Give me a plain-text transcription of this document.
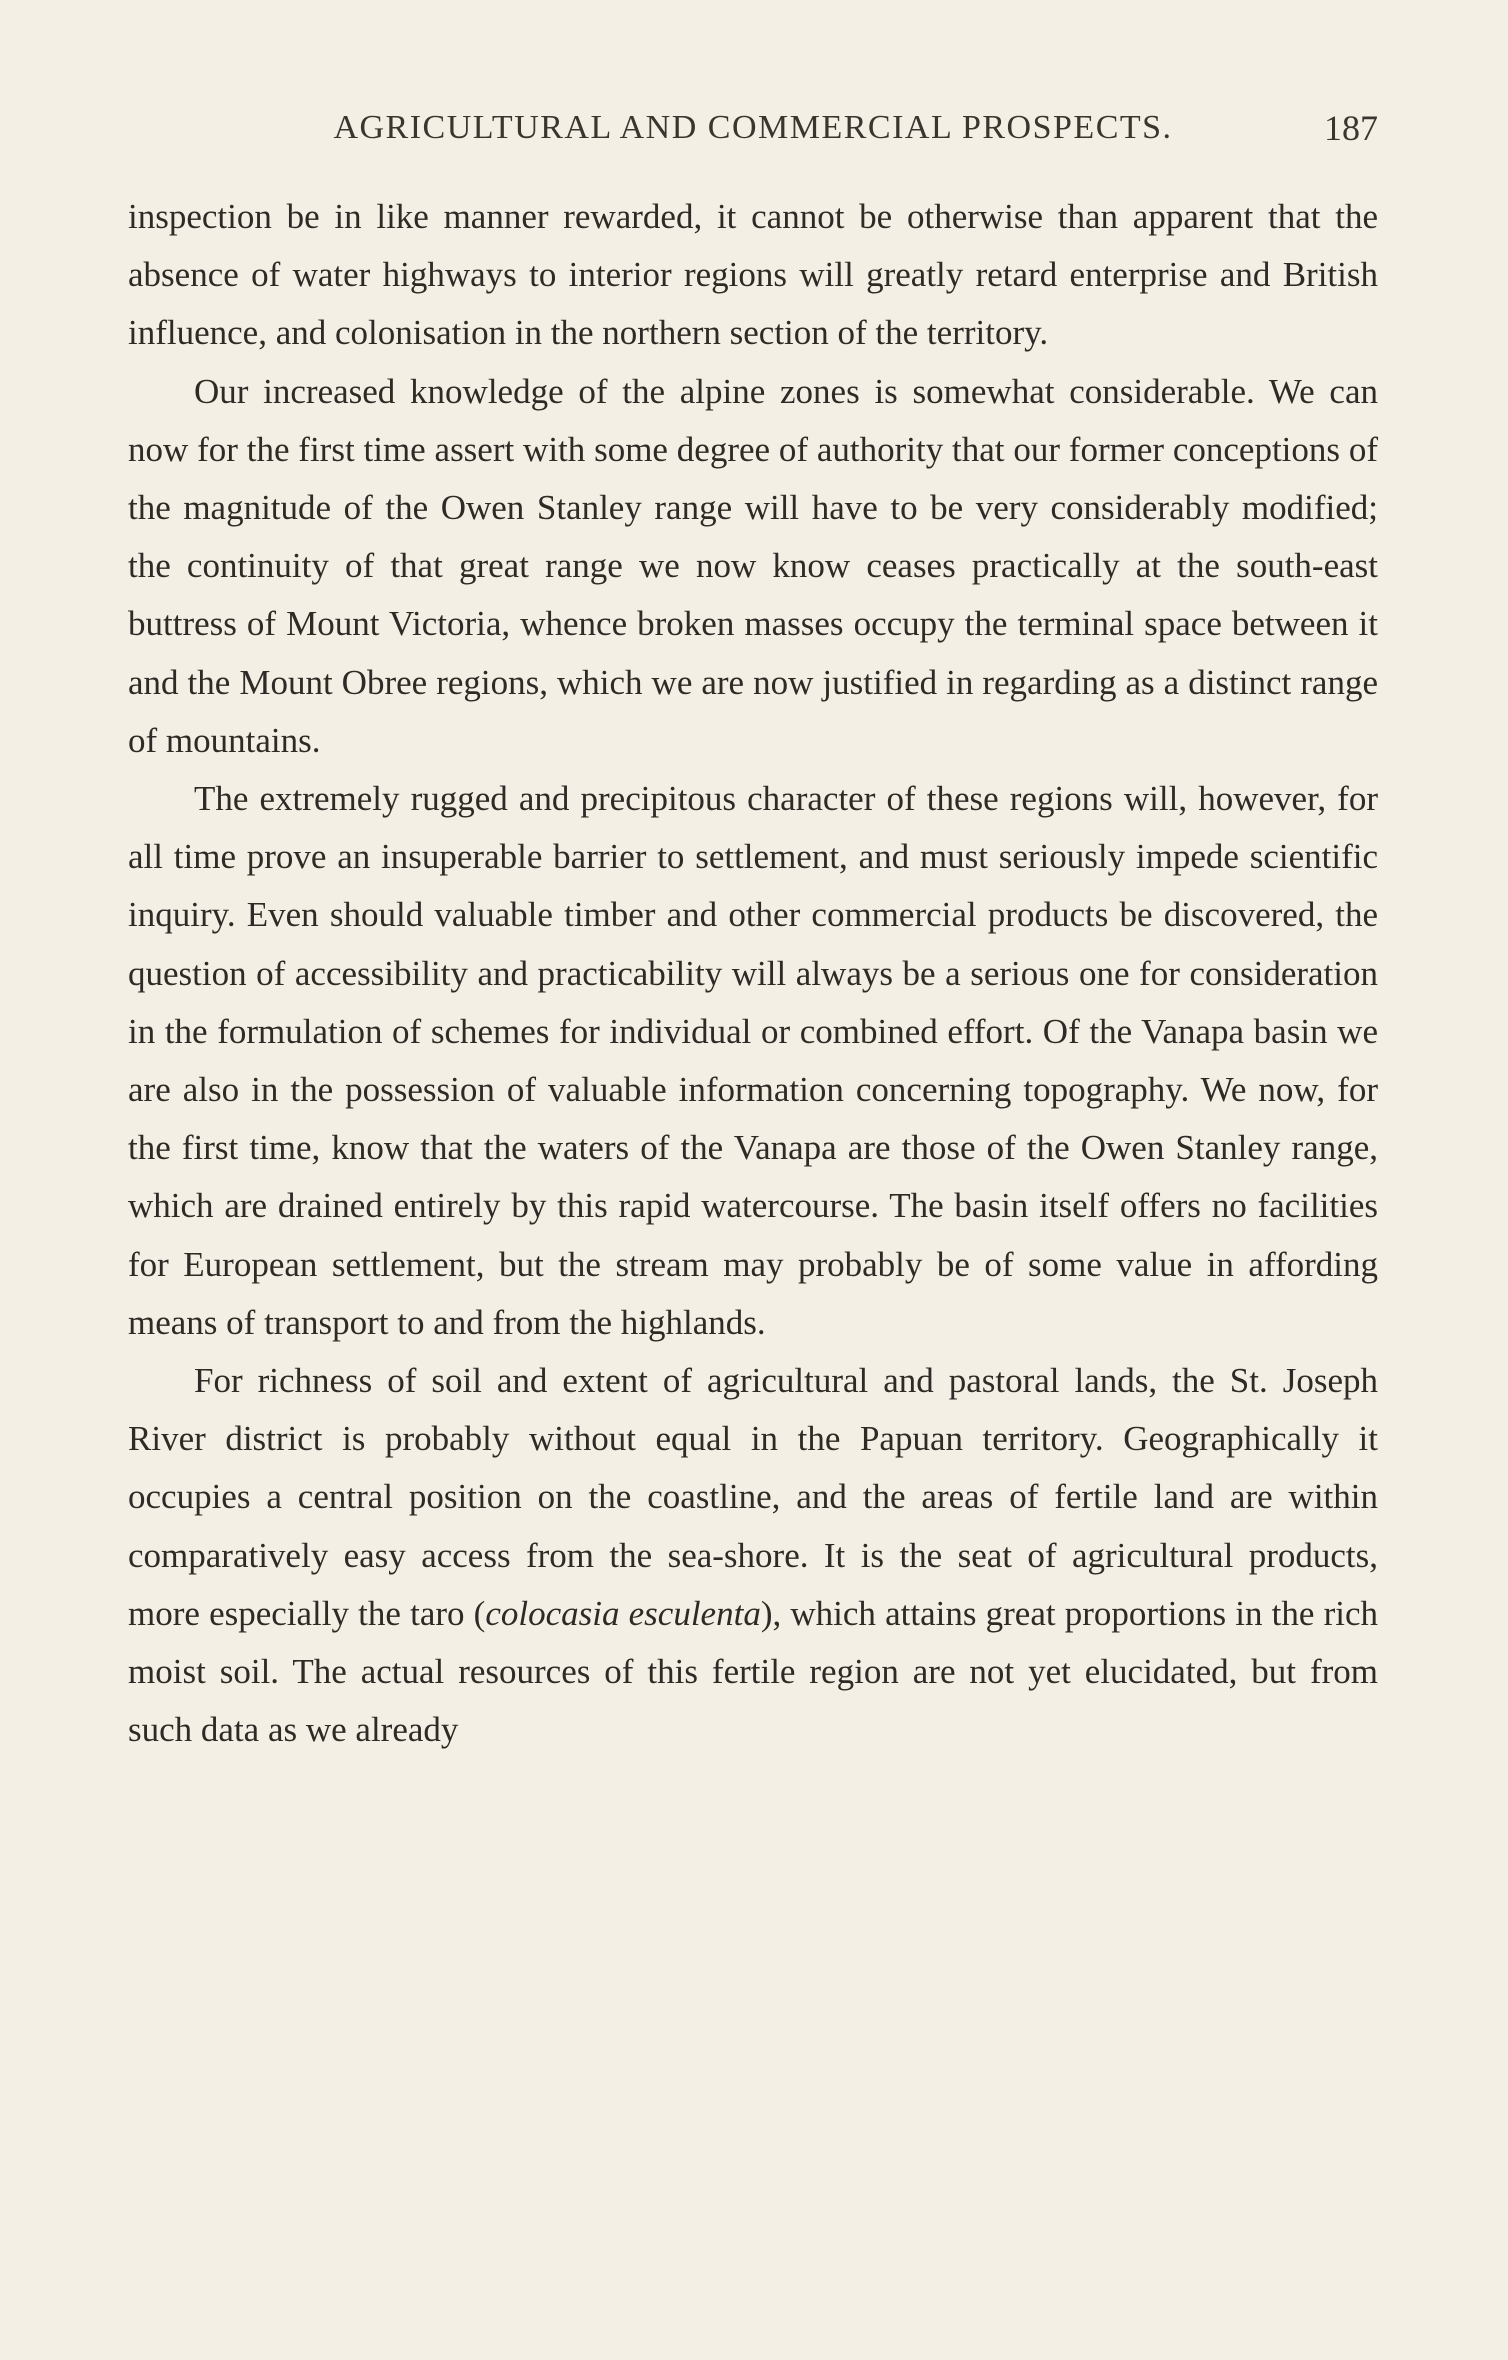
AGRICULTURAL AND COMMERCIAL PROSPECTS.	187

inspection be in like manner rewarded, it cannot be otherwise than apparent that the absence of water highways to interior regions will greatly retard enterprise and British influence, and colonisation in the northern section of the territory.

Our increased knowledge of the alpine zones is somewhat considerable. We can now for the first time assert with some degree of authority that our former conceptions of the magnitude of the Owen Stanley range will have to be very considerably modified; the continuity of that great range we now know ceases practically at the south-east buttress of Mount Victoria, whence broken masses occupy the terminal space between it and the Mount Obree regions, which we are now justified in regarding as a distinct range of mountains.

The extremely rugged and precipitous character of these regions will, however, for all time prove an insuperable barrier to settlement, and must seriously impede scientific inquiry. Even should valuable timber and other commercial products be discovered, the question of accessibility and practicability will always be a serious one for consideration in the formulation of schemes for individual or combined effort. Of the Vanapa basin we are also in the possession of valuable information concerning topography. We now, for the first time, know that the waters of the Vanapa are those of the Owen Stanley range, which are drained entirely by this rapid watercourse. The basin itself offers no facilities for European settlement, but the stream may probably be of some value in affording means of transport to and from the highlands.

For richness of soil and extent of agricultural and pastoral lands, the St. Joseph River district is probably without equal in the Papuan territory. Geographically it occupies a central position on the coastline, and the areas of fertile land are within comparatively easy access from the sea-shore. It is the seat of agricultural products, more especially the taro (colocasia esculenta), which attains great proportions in the rich moist soil. The actual resources of this fertile region are not yet elucidated, but from such data as we already
